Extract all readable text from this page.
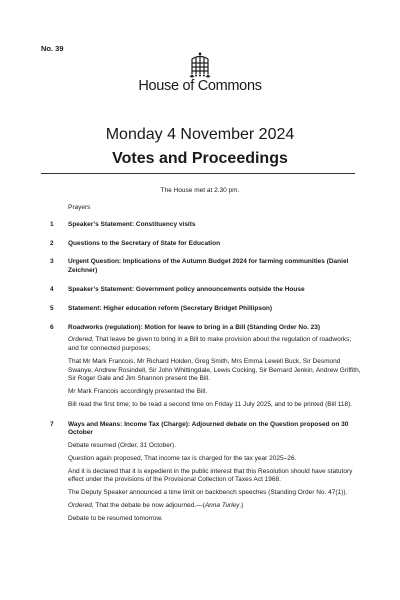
No. 39
House of Commons
Monday 4 November 2024
Votes and Proceedings
The House met at 2.30 pm.
Prayers
1 Speaker’s Statement: Constituency visits
2 Questions to the Secretary of State for Education
3 Urgent Question: Implications of the Autumn Budget 2024 for farming communities (Daniel Zeichner)
4 Speaker’s Statement: Government policy announcements outside the House
5 Statement: Higher education reform (Secretary Bridget Phillipson)
6 Roadworks (regulation): Motion for leave to bring in a Bill (Standing Order No. 23)
Ordered, That leave be given to bring in a Bill to make provision about the regulation of roadworks; and for connected purposes;
That Mr Mark Francois, Mr Richard Holden, Greg Smith, Mrs Emma Lewell Buck, Sir Desmond Swanye, Andrew Rosindell, Sir John Whittingdale, Lewis Cocking, Sir Bernard Jenkin, Andrew Griffith, Sir Roger Gale and Jim Shannon present the Bill.
Mr Mark Francois accordingly presented the Bill.
Bill read the first time; to be read a second time on Friday 11 July 2025, and to be printed (Bill 118).
7 Ways and Means: Income Tax (Charge): Adjourned debate on the Question proposed on 30 October
Debate resumed (Order, 31 October).
Question again proposed, That income tax is charged for the tax year 2025–26.
And it is declared that it is expedient in the public interest that this Resolution should have statutory effect under the provisions of the Provisional Collection of Taxes Act 1968.
The Deputy Speaker announced a time limit on backbench speeches (Standing Order No. 47(1)).
Ordered, That the debate be now adjourned.—(Anna Turley.)
Debate to be resumed tomorrow.
